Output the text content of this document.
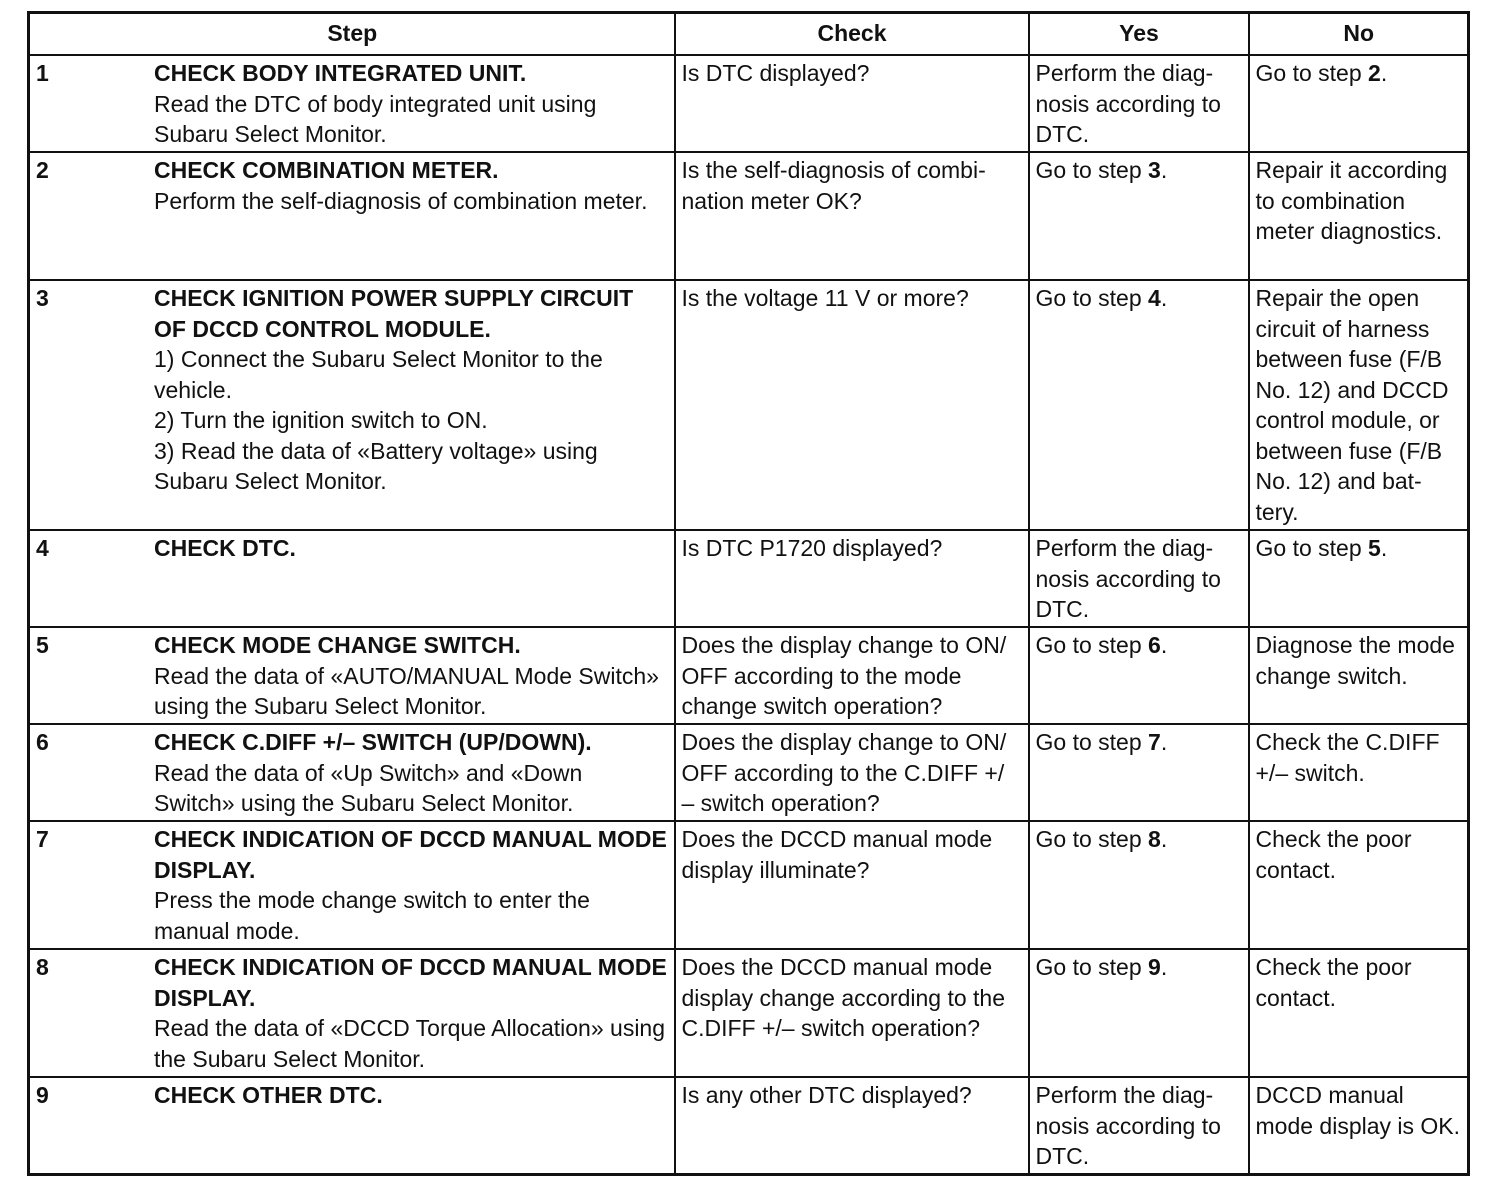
Step	Check	Yes	No

1 CHECK BODY INTEGRATED UNIT.
Read the DTC of body integrated unit using Subaru Select Monitor.	Is DTC displayed?	Perform the diag-nosis according to DTC.	Go to step 2.

2 CHECK COMBINATION METER.
Perform the self-diagnosis of combination meter.	Is the self-diagnosis of combi-nation meter OK?	Go to step 3.	Repair it according to combination meter diagnostics.

3 CHECK IGNITION POWER SUPPLY CIRCUIT OF DCCD CONTROL MODULE.
1) Connect the Subaru Select Monitor to the vehicle.
2) Turn the ignition switch to ON.
3) Read the data of «Battery voltage» using Subaru Select Monitor.	Is the voltage 11 V or more?	Go to step 4.	Repair the open circuit of harness between fuse (F/B No. 12) and DCCD control module, or between fuse (F/B No. 12) and bat-tery.

4 CHECK DTC.	Is DTC P1720 displayed?	Perform the diag-nosis according to DTC.	Go to step 5.

5 CHECK MODE CHANGE SWITCH.
Read the data of «AUTO/MANUAL Mode Switch» using the Subaru Select Monitor.	Does the display change to ON/ OFF according to the mode change switch operation?	Go to step 6.	Diagnose the mode change switch.

6 CHECK C.DIFF +/– SWITCH (UP/DOWN).
Read the data of «Up Switch» and «Down Switch» using the Subaru Select Monitor.	Does the display change to ON/ OFF according to the C.DIFF +/ – switch operation?	Go to step 7.	Check the C.DIFF +/– switch.

7 CHECK INDICATION OF DCCD MANUAL MODE DISPLAY.
Press the mode change switch to enter the manual mode.	Does the DCCD manual mode display illuminate?	Go to step 8.	Check the poor contact.

8 CHECK INDICATION OF DCCD MANUAL MODE DISPLAY.
Read the data of «DCCD Torque Allocation» using the Subaru Select Monitor.	Does the DCCD manual mode display change according to the C.DIFF +/– switch operation?	Go to step 9.	Check the poor contact.

9 CHECK OTHER DTC.	Is any other DTC displayed?	Perform the diag-nosis according to DTC.	DCCD manual mode display is OK.
